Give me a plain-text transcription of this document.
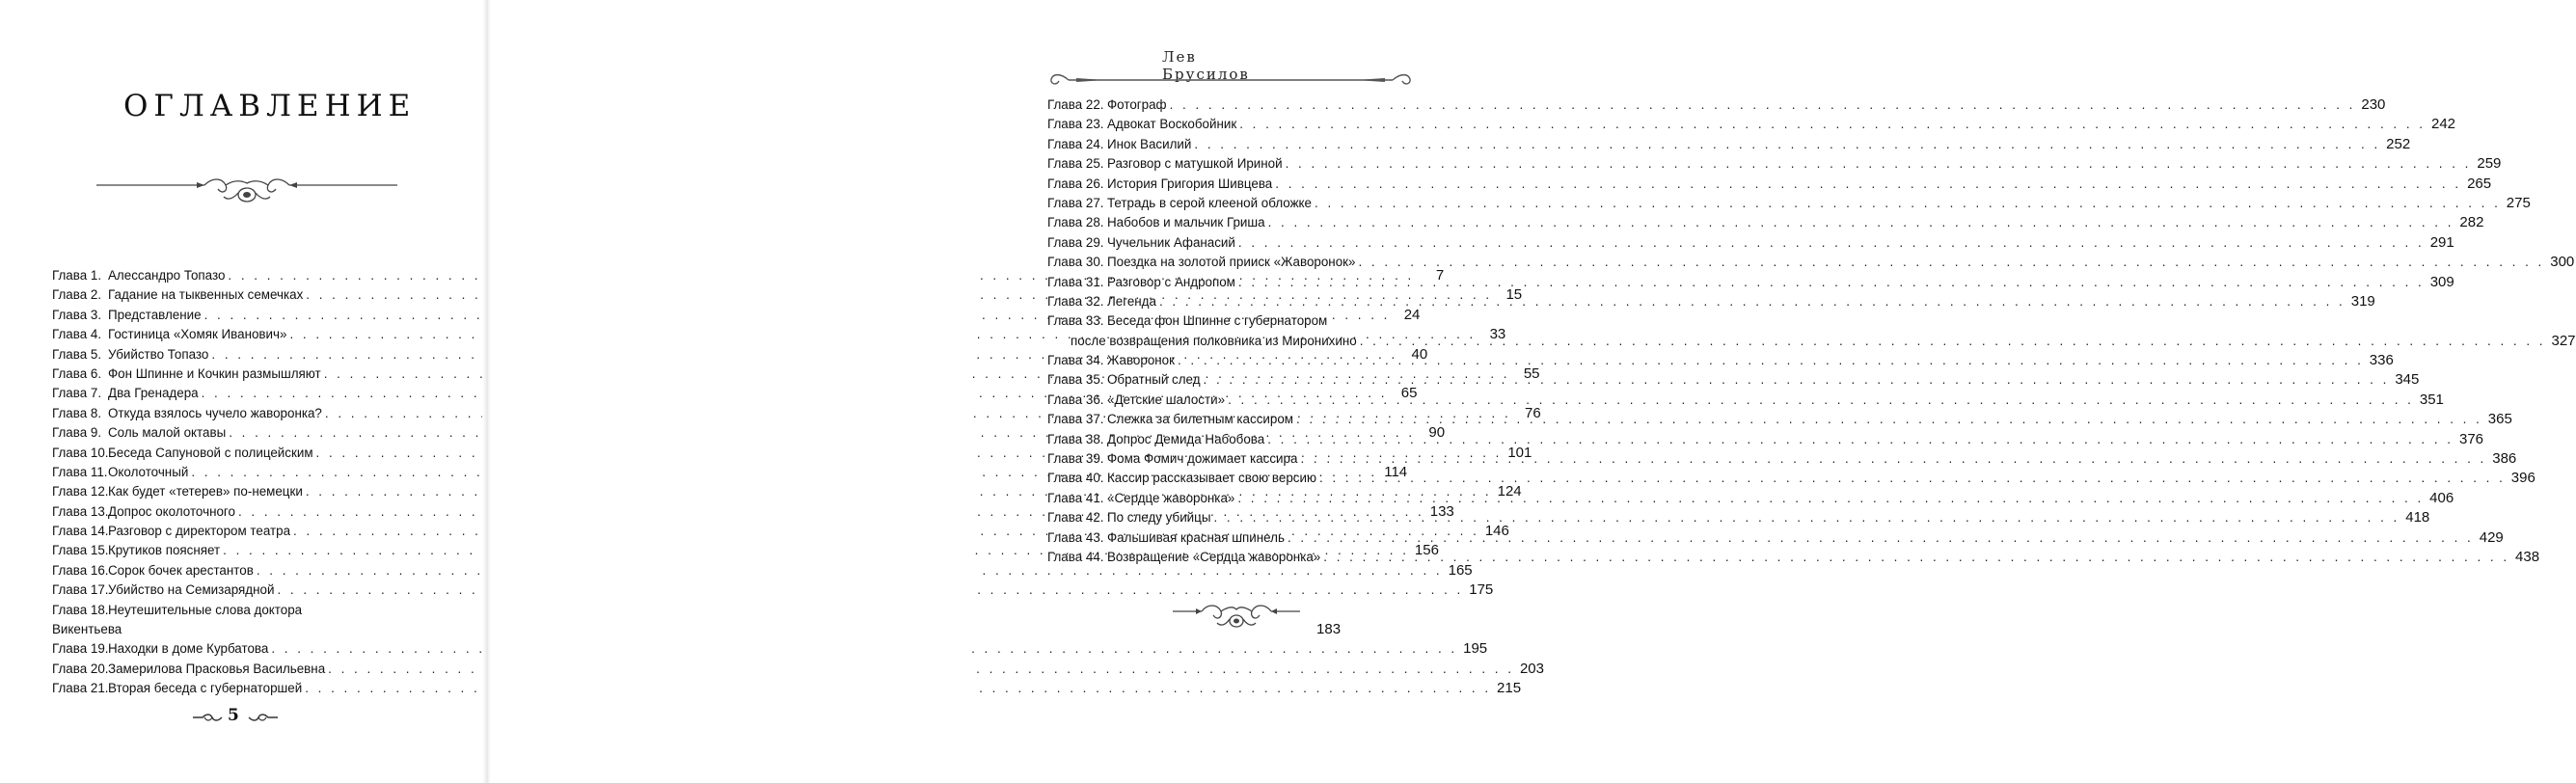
ОГЛАВЛЕНИЕ
Глава 1. Алессандро Топазо . . .	7
Глава 2. Гадание на тыквенных семечках . . .	15
Глава 3. Представление . . .	24
Глава 4. Гостиница «Хомяк Иванович» . . .	33
Глава 5. Убийство Топазо . . .	40
Глава 6. Фон Шпинне и Кочкин размышляют . . .	55
Глава 7. Два Гренадера . . .	65
Глава 8. Откуда взялось чучело жаворонка? . . .	76
Глава 9. Соль малой октавы . . .	90
Глава 10. Беседа Сапуновой с полицейским . . .	101
Глава 11. Околоточный . . .	114
Глава 12. Как будет «тетерев» по-немецки . . .	124
Глава 13. Допрос околоточного . . .	133
Глава 14. Разговор с директором театра . . .	146
Глава 15. Крутиков поясняет . . .	156
Глава 16. Сорок бочек арестантов . . .	165
Глава 17. Убийство на Семизарядной . . .	175
Глава 18. Неутешительные слова доктора
Викентьева	183
Глава 19. Находки в доме Курбатова . . .	195
Глава 20. Замерилова Прасковья Васильевна . . .	203
Глава 21. Вторая беседа с губернаторшей . . .	215
5
Лев Брусилов
Глава 22. Фотограф . . .	230
Глава 23. Адвокат Воскобойник . . .	242
Глава 24. Инок Василий . . .	252
Глава 25. Разговор с матушкой Ириной . . .	259
Глава 26. История Григория Шивцева . . .	265
Глава 27. Тетрадь в серой клееной обложке . . .	275
Глава 28. Набобов и мальчик Гриша . . .	282
Глава 29. Чучельник Афанасий . . .	291
Глава 30. Поездка на золотой прииск «Жаворонок» . . .	300
Глава 31. Разговор с Андропом . . .	309
Глава 32. Легенда . . .	319
Глава 33. Беседа фон Шпинне с губернатором
после возвращения полковника из Миронихино . . .	327
Глава 34. Жаворонок . . .	336
Глава 35. Обратный след . . .	345
Глава 36. «Детские шалости» . . .	351
Глава 37. Слежка за билетным кассиром . . .	365
Глава 38. Допрос Демида Набобова . . .	376
Глава 39. Фома Фомич дожимает кассира . . .	386
Глава 40. Кассир рассказывает свою версию . . .	396
Глава 41. «Сердце жаворонка» . . .	406
Глава 42. По следу убийцы . . .	418
Глава 43. Фальшивая красная шпинель . . .	429
Глава 44. Возвращение «Сердца жаворонка» . . .	438
